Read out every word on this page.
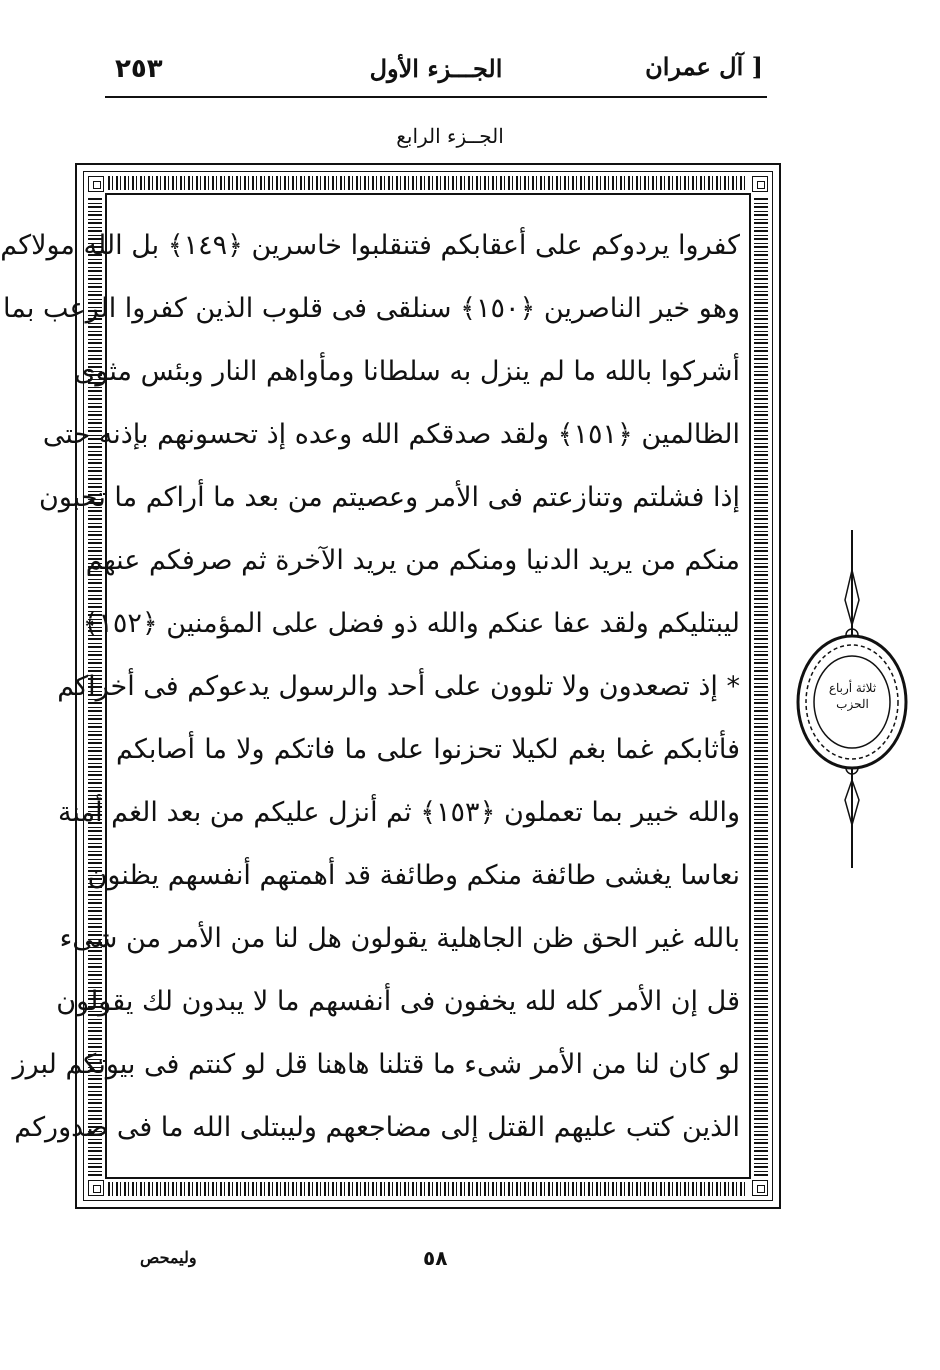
٢٥٣	الجـــزء الأول	آل عمران ]
الجــزء الرابع
كفروا يردوكم على أعقابكم فتنقلبوا خاسرين ﴿١٤٩﴾ بل الله مولاكم
وهو خير الناصرين ﴿١٥٠﴾ سنلقى فى قلوب الذين كفروا الرعب بما
أشركوا بالله ما لم ينزل به سلطانا ومأواهم النار وبئس مثوى
الظالمين ﴿١٥١﴾ ولقد صدقكم الله وعده إذ تحسونهم بإذنه حتى
إذا فشلتم وتنازعتم فى الأمر وعصيتم من بعد ما أراكم ما تحبون
منكم من يريد الدنيا ومنكم من يريد الآخرة ثم صرفكم عنهم
ليبتليكم ولقد عفا عنكم والله ذو فضل على المؤمنين ﴿١٥٢﴾
* إذ تصعدون ولا تلوون على أحد والرسول يدعوكم فى أخراكم
فأثابكم غما بغم لكيلا تحزنوا على ما فاتكم ولا ما أصابكم
والله خبير بما تعملون ﴿١٥٣﴾ ثم أنزل عليكم من بعد الغم أمنة
نعاسا يغشى طائفة منكم وطائفة قد أهمتهم أنفسهم يظنون
بالله غير الحق ظن الجاهلية يقولون هل لنا من الأمر من شىء
قل إن الأمر كله لله يخفون فى أنفسهم ما لا يبدون لك يقولون
لو كان لنا من الأمر شىء ما قتلنا هاهنا قل لو كنتم فى بيوتكم لبرز
الذين كتب عليهم القتل إلى مضاجعهم وليبتلى الله ما فى صدوركم
ثلاثة أرباع
الحزب
وليمحص	٥٨
